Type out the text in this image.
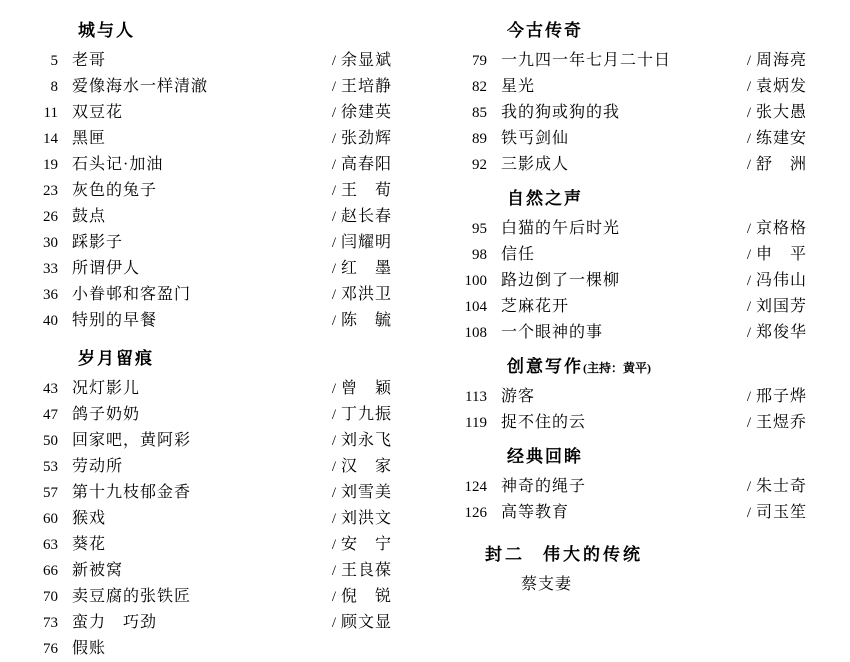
城与人
5 老哥	/ 余显斌
8 爱像海水一样清澈	/ 王培静
11 双豆花	/ 徐建英
14 黑匣	/ 张劲辉
19 石头记·加油	/ 高春阳
23 灰色的兔子	/ 王　荀
26 鼓点	/ 赵长春
30 踩影子	/ 闫耀明
33 所谓伊人	/ 红　墨
36 小眷邨和客盈门	/ 邓洪卫
40 特别的早餐	/ 陈　毓
岁月留痕
43 况灯影儿	/ 曾　颖
47 鸽子奶奶	/ 丁九振
50 回家吧，黄阿彩	/ 刘永飞
53 劳动所	/ 汉　家
57 第十九枝郁金香	/ 刘雪美
60 猴戏	/ 刘洪文
63 葵花	/ 安　宁
66 新被窝	/ 王良葆
70 卖豆腐的张铁匠	/ 倪　锐
73 蛮力　巧劲	/ 顾文显
76 假账
今古传奇
79 一九四一年七月二十日	/ 周海亮
82 星光	/ 袁炳发
85 我的狗或狗的我	/ 张大愚
89 铁丐剑仙	/ 练建安
92 三影成人	/ 舒　洲
自然之声
95 白猫的午后时光	/ 京格格
98 信任	/ 申　平
100 路边倒了一棵柳	/ 冯伟山
104 芝麻花开	/ 刘国芳
108 一个眼神的事	/ 郑俊华
创意写作(主持：黄平)
113 游客	/ 邢子烨
119 捉不住的云	/ 王煜乔
经典回眸
124 神奇的绳子	/ 朱士奇
126 高等教育	/ 司玉笙
封二 伟大的传统
蔡支妻
